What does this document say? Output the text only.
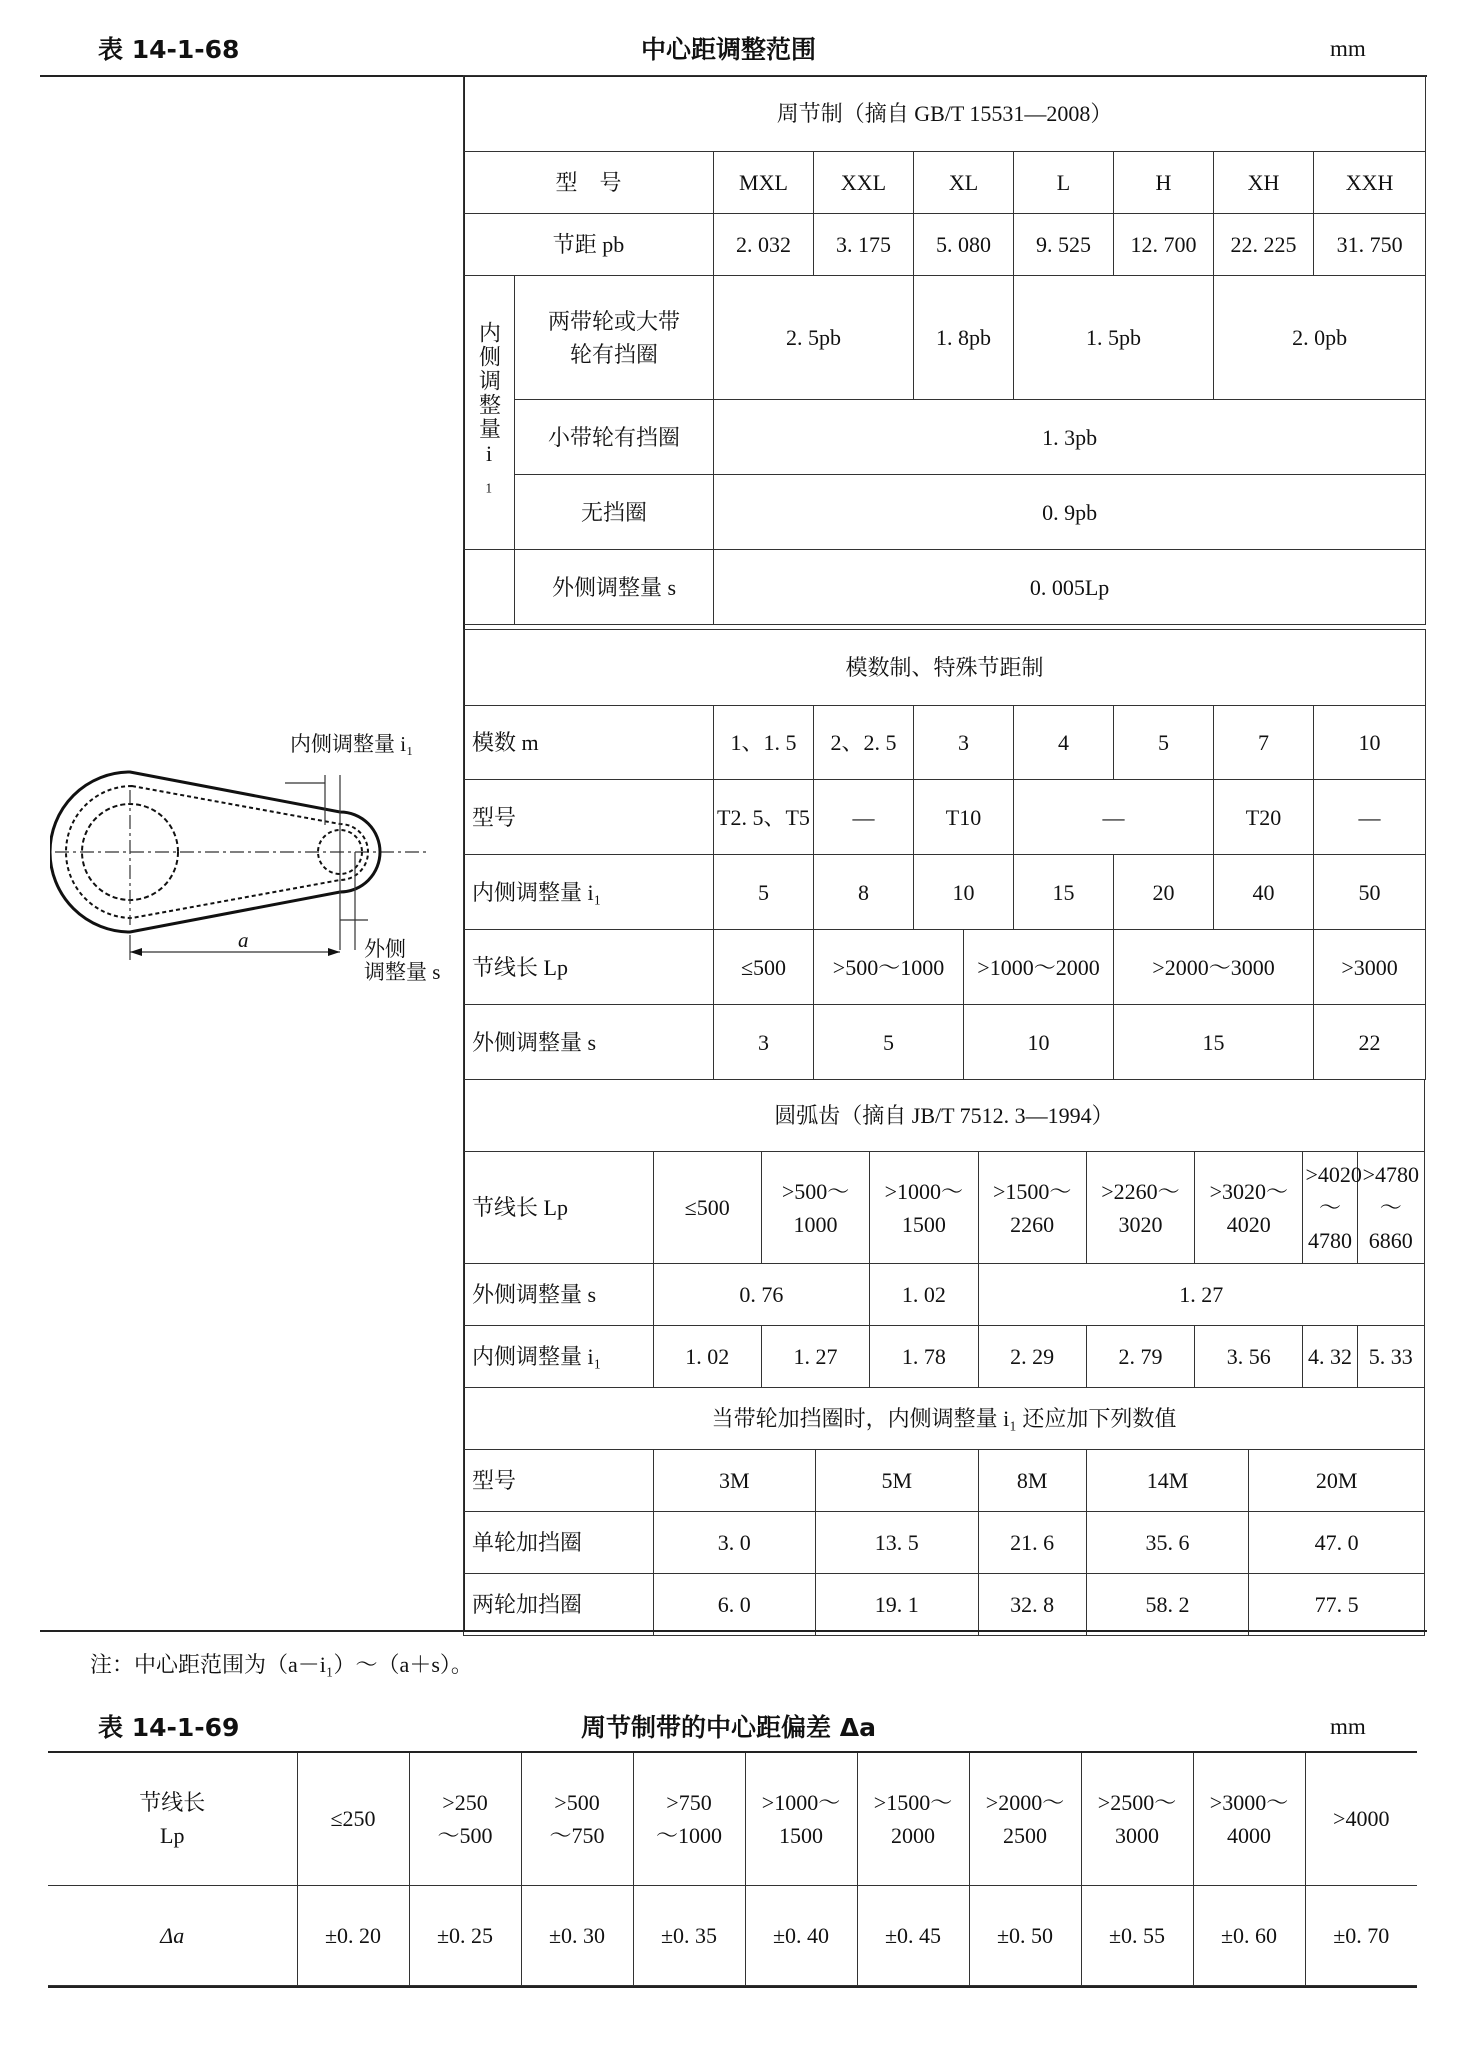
表 14-1-68	中心距调整范围	mm
内侧调整量 i₁
a	外侧
调整量 s
周节制（摘自 GB/T 15531—2008）								
型　号		MXL	XXL	XL	L	H	XH	XXH
节距 pb		2. 032	3. 175	5. 080	9. 525	12. 700	22. 225	31. 750
内侧调整量i₁	两带轮或大带轮有挡圈	2. 5pb		1. 8pb	1. 5pb		2. 0pb	
	小带轮有挡圈	1. 3pb						
	无挡圈	0. 9pb						
	外侧调整量 s	0. 005Lp						
模数制、特殊节距制								
模数 m	1、1. 5	2、2. 5	3		4	5	7	10
型号	T2. 5、T5	—	T10		—		T20	—
内侧调整量 i₁	5	8	10		15	20	40	50
节线长 Lp	≤500	>500～1000		>1000～2000		>2000～3000		>3000
外侧调整量 s	3	5		10		15		22
圆弧齿（摘自 JB/T 7512. 3—1994）										
节线长 Lp	≤500	>500～1000		>1000～1500	>1500～2260	>2260～3020	>3020～4020		>4020～4780	>4780～6860
外侧调整量 s	0. 76			1. 02	1. 27					
内侧调整量 i₁	1. 02	1. 27		1. 78	2. 29	2. 79	3. 56		4. 32	5. 33
当带轮加挡圈时，内侧调整量 i₁ 还应加下列数值										
型号	3M		5M		8M	14M		20M		
单轮加挡圈	3. 0		13. 5		21. 6	35. 6		47. 0		
两轮加挡圈	6. 0		19. 1		32. 8	58. 2		77. 5		
注：中心距范围为（a－i₁）～（a＋s）。
表 14-1-69	周节制带的中心距偏差 Δa	mm
节线长 Lp	≤250	>250～500	>500～750	>750～1000	>1000～1500	>1500～2000	>2000～2500	>2500～3000	>3000～4000	>4000
Δa	±0. 20	±0. 25	±0. 30	±0. 35	±0. 40	±0. 45	±0. 50	±0. 55	±0. 60	±0. 70
